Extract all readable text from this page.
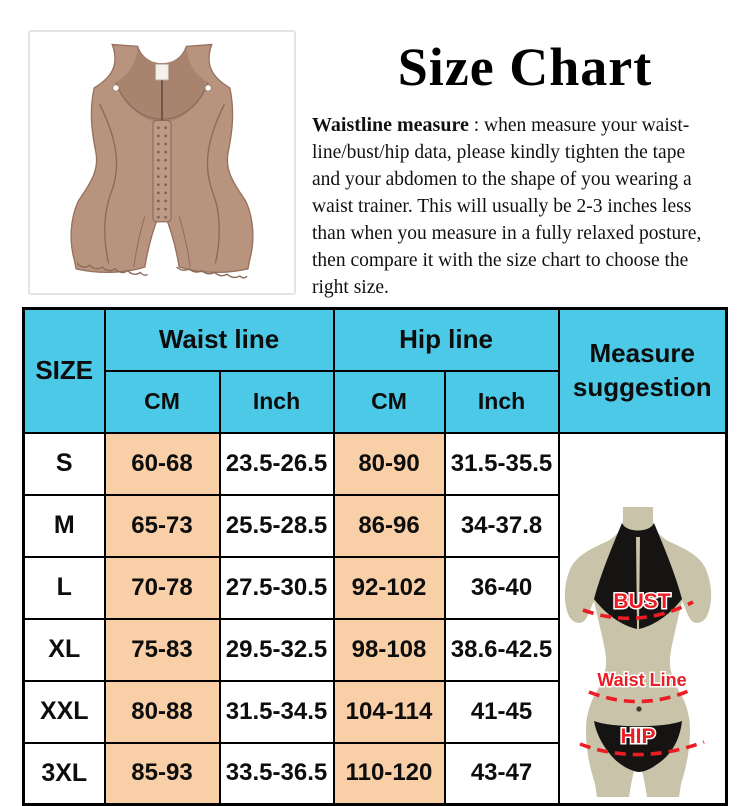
Size Chart
Waistline measure : when measure your waist-
line/bust/hip data, please kindly tighten the tape
and your abdomen to the shape of you wearing a
waist trainer. This will usually be 2-3 inches less
than when you measure in a fully relaxed posture,
then compare it with the size chart to choose the
right size.
SIZE	Waist line		Hip line		Measure
suggestion

	CM	Inch	CM	Inch	
S	60-68	23.5-26.5	80-90	31.5-35.5	BUST
Waist Line
HIP

M	65-73	25.5-28.5	86-96	34-37.8	
L	70-78	27.5-30.5	92-102	36-40	
XL	75-83	29.5-32.5	98-108	38.6-42.5	
XXL	80-88	31.5-34.5	104-114	41-45	
3XL	85-93	33.5-36.5	110-120	43-47	
